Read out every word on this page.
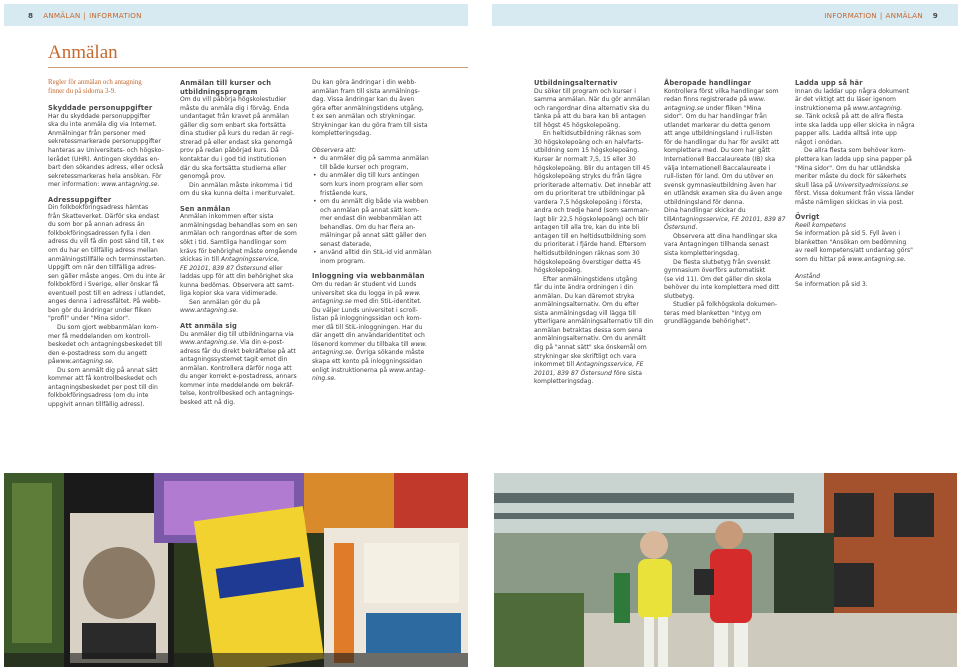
8 ANMÄLAN | INFORMATION
Anmälan
Regler för anmälan och antagning
finner du på sidorna 3-9.
Skyddade personuppgifter

Har du skyddade personuppgifter
ska du inte anmäla dig via Internet.
Anmälningar från personer med
sekretessmarkerade personuppgifter
hanteras av Universitets- och högsko-
lerådet (UHR). Antingen skyddas en-
bart den sökandes adress, eller också
sekretessmarkeras hela ansökan. För

mer information: www.antagning.se.

Adressuppgifter

Din folkbokföringsadress hämtas
från Skatteverket. Därför ska endast
du som bor på annan adress än
folkbokföringsadressen fylla i den
adress du vill få din post sänd till, t ex
om du har en tillfällig adress mellan
anmälningstillfälle och terminsstarten.
Uppgift om när den tillfälliga adres-
sen gäller måste anges. Om du inte är
folkbokförd i Sverige, eller önskar få
eventuell post till en adress i utlandet,
anges denna i adressfältet. På webb-
ben gör du ändringar under fliken
"profil" under "Mina sidor".

Du som gjort webbanmälan kom-
mer få meddelanden om kontroll-
beskedet och antagningsbeskedet till
den e-postadress som du angett påwww.antagning.se.

Du som anmält dig på annat sätt
kommer att få kontrollbeskedet och
antagningsbeskedet per post till din
folkbokföringsadress (om du inte
uppgivit annan tillfällig adress).

Anmälan till kurser och
utbildningsprogram

Om du vill påbörja högskolestudier
måste du anmäla dig i förväg. Enda
undantaget från kravet på anmälan
gäller dig som enbart ska fortsätta
dina studier på kurs du redan är regi-
strerad på eller endast ska genomgå
prov på redan påbörjad kurs. Då
kontaktar du i god tid institutionen
där du ska fortsätta studierna eller
genomgå prov.

Din anmälan måste inkomma i tid
om du ska kunna delta i meriturvalet.

Sen anmälan

Anmälan inkommen efter sista
anmälningsdag behandlas som en sen
anmälan och rangordnas efter de som
sökt i tid. Samtliga handlingar som
krävs för behörighet måste omgående
skickas in till Antagningsservice,
FE 20101, 839 87 Östersund eller
laddas upp för att din behörighet ska
kunna bedömas. Observera att samt-
liga kopior ska vara vidimerade.

Sen anmälan gör du på
www.antagning.se.

Att anmäla sig

Du anmäler dig till utbildningarna via
www.antagning.se. Via din e-post-
adress får du direkt bekräftelse på att
antagningssystemet tagit emot din
anmälan. Kontrollera därför noga att
du anger korrekt e-postadress, annars
kommer inte meddelande om bekräf-
telse, kontrollbesked och antagnings-
besked att nå dig.

Du kan göra ändringar i din webb-
anmälan fram till sista anmälnings-
dag. Vissa ändringar kan du även
göra efter anmälningstidens utgång,
t ex sen anmälan och strykningar.
Strykningar kan du göra fram till sista
kompletteringsdag.

Observera att:

• du anmäler dig på samma anmälan
till både kurser och program,
• du anmäler dig till kurs antingen
som kurs inom program eller som
fristående kurs,
• om du anmält dig både via webben
och anmälan på annat sätt kom-
mer endast din webbanmälan att
behandlas. Om du har flera an-
mälningar på annat sätt gäller den
senast daterade,
• använd alltid din StiL-id vid anmälan
inom program.
Inloggning via webbanmälan

Om du redan är student vid Lunds
universitet ska du logga in på www.
antagning.se med din StiL-identitet.
Du väljer Lunds universitet i scroll-
listan på inloggningssidan och kom-
mer då till StiL-inloggningen. Har du
där angett din användaridentitet och
lösenord kommer du tillbaka till www.
antagning.se. Övriga sökande måste
skapa ett konto på inloggningssidan
enligt instruktionerna på www.antag-
ning.se.

INFORMATION | ANMÄLAN 9
Utbildningsalternativ

Du söker till program och kurser i
samma anmälan. När du gör anmälan
och rangordnar dina alternativ ska du
tänka på att du bara kan bli antagen
till högst 45 högskolepoäng.

En heltidsutbildning räknas som
30 högskolepoäng och en halvfarts-
utbildning som 15 högskolepoäng.
Kurser är normalt 7,5, 15 eller 30
högskolepoäng. Blir du antagen till 45
högskolepoäng stryks du från lägre
prioriterade alternativ. Det innebär att
om du prioriterat tre utbildningar på
vardera 7,5 högskolepoäng i första,
andra och tredje hand (som samman-
lagt blir 22,5 högskolepoäng) och blir
antagen till alla tre, kan du inte bli
antagen till en heltidsutbildning som
du prioriterat i fjärde hand. Eftersom
heltidsutbildningen räknas som 30
högskolepoäng överstiger detta 45
högskolepoäng.

Efter anmälningstidens utgång
får du inte ändra ordningen i din
anmälan. Du kan däremot stryka
anmälningsalternativ. Om du efter
sista anmälningsdag vill lägga till
ytterligare anmälningsalternativ till din
anmälan betraktas dessa som sena
anmälningsalternativ. Om du anmält
dig på "annat sätt" ska önskemål om
strykningar ske skriftligt och vara
inkommet till Antagningsservice, FE
20101, 839 87 Östersund före sista
kompletteringsdag.

Åberopade handlingar

Kontrollera först vilka handlingar som
redan finns registrerade på www.
antagning.se under fliken "Mina
sidor". Om du har handlingar från
utlandet markerar du detta genom
att ange utbildningsland i rull-listen
för de handlingar du har för avsikt att
komplettera med. Du som har gått
Internationell Baccalaureate (IB) ska
välja Internationell Baccalaureate i
rull-listen för land. Om du utöver en
svensk gymnasieutbildning även har
en utländsk examen ska du även ange
utbildningsland för denna.
Dina handlingar skickar du tillAntagningsservice, FE 20101, 839 87
Östersund.

Observera att dina handlingar ska
vara Antagningen tillhanda senast
sista kompletteringsdag.

De flesta slutbetyg från svenskt
gymnasium överförs automatiskt
(se vid 11). Om det gäller din skola
behöver du inte komplettera med ditt
slutbetyg.

Studier på folkhögskola dokumen-
teras med blanketten "Intyg om
grundläggande behörighet".

Ladda upp så här

Innan du laddar upp några dokument
är det viktigt att du läser igenom
instruktionerna på www.antagning.
se. Tänk också på att de allra flesta
inte ska ladda upp eller skicka in några
papper alls. Ladda alltså inte upp
något i onödan.

De allra flesta som behöver kom-
plettera kan ladda upp sina papper på
"Mina sidor". Om du har utländska
meriter måste du dock för säkerhets
skull läsa på Universityadmissions.se
först. Vissa dokument från vissa länder
måste nämligen skickas in via post.

Övrigt

Reell kompetens

Se information på sid 5. Fyll även i
blanketten "Ansökan om bedömning
av reell kompetens/att undantag görs"
som du hittar på www.antagning.se.

Anstånd

Se information på sid 3.
